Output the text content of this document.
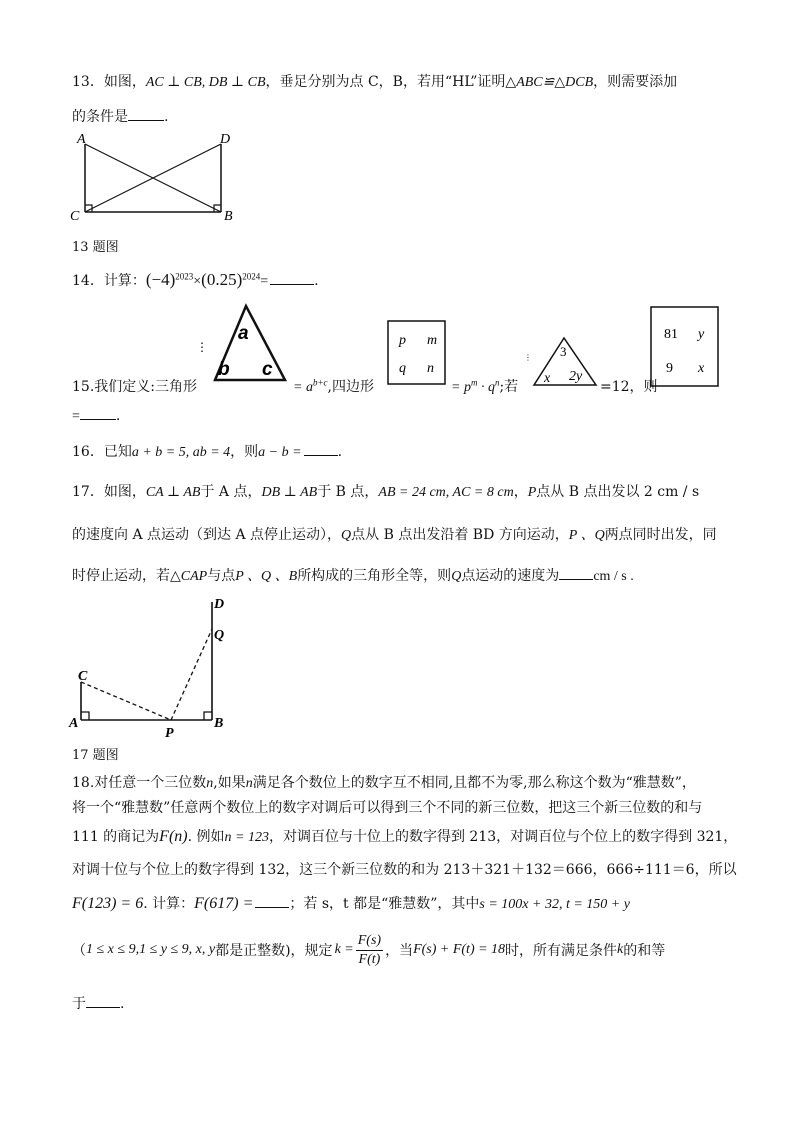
13．如图，AC ⊥ CB, DB ⊥ CB，垂足分别为点 C，B，若用“HL”证明△ABC≌△DCB，则需要添加
的条件是	.
A	D
C	B
13 题图
14．计算：$(-4)^{2023}\times(0.25)^{2024}=$	.
⋮
a
b c
p m
q n
⋮ 3
x 2y
81 y
9 x
15.我们定义:三角形	= $a^{b+c}$,四边形	= $p^m \cdot q^n$;若	=12，则
=	.
16．已知a + b = 5, ab = 4，则a − b =	.
17．如图，CA ⊥ AB于 A 点，DB ⊥ AB于 B 点，AB = 24 cm, AC = 8 cm，P点从 B 点出发以 2 cm / s
的速度向 A 点运动（到达 A 点停止运动），Q点从 B 点出发沿着 BD 方向运动，P 、Q两点同时出发，同
时停止运动，若△CAP与点P 、Q 、B所构成的三角形全等，则Q点运动的速度为 cm / s .
D
Q
C
A
P
B
17 题图
18.对任意一个三位数n,如果n满足各个数位上的数字互不相同,且都不为零,那么称这个数为“雅慧数”，
将一个“雅慧数”任意两个数位上的数字对调后可以得到三个不同的新三位数，把这三个新三位数的和与
111 的商记为F(n). 例如n = 123，对调百位与十位上的数字得到 213，对调百位与个位上的数字得到 321，
对调十位与个位上的数字得到 132，这三个新三位数的和为 213＋321＋132＝666，666÷111＝6，所以
F(123) = 6. 计算：F(617) =	；若 s，t 都是“雅慧数”，其中s = 100x + 32, t = 150 + y
（ 1 ≤ x ≤ 9,1 ≤ y ≤ 9, x, y 都是正整数)，规定 $k = \frac{F(s)}{F(t)}$ ，当 F(s) + F(t) = 18 时，所有满足条件 k 的和等
于 .
